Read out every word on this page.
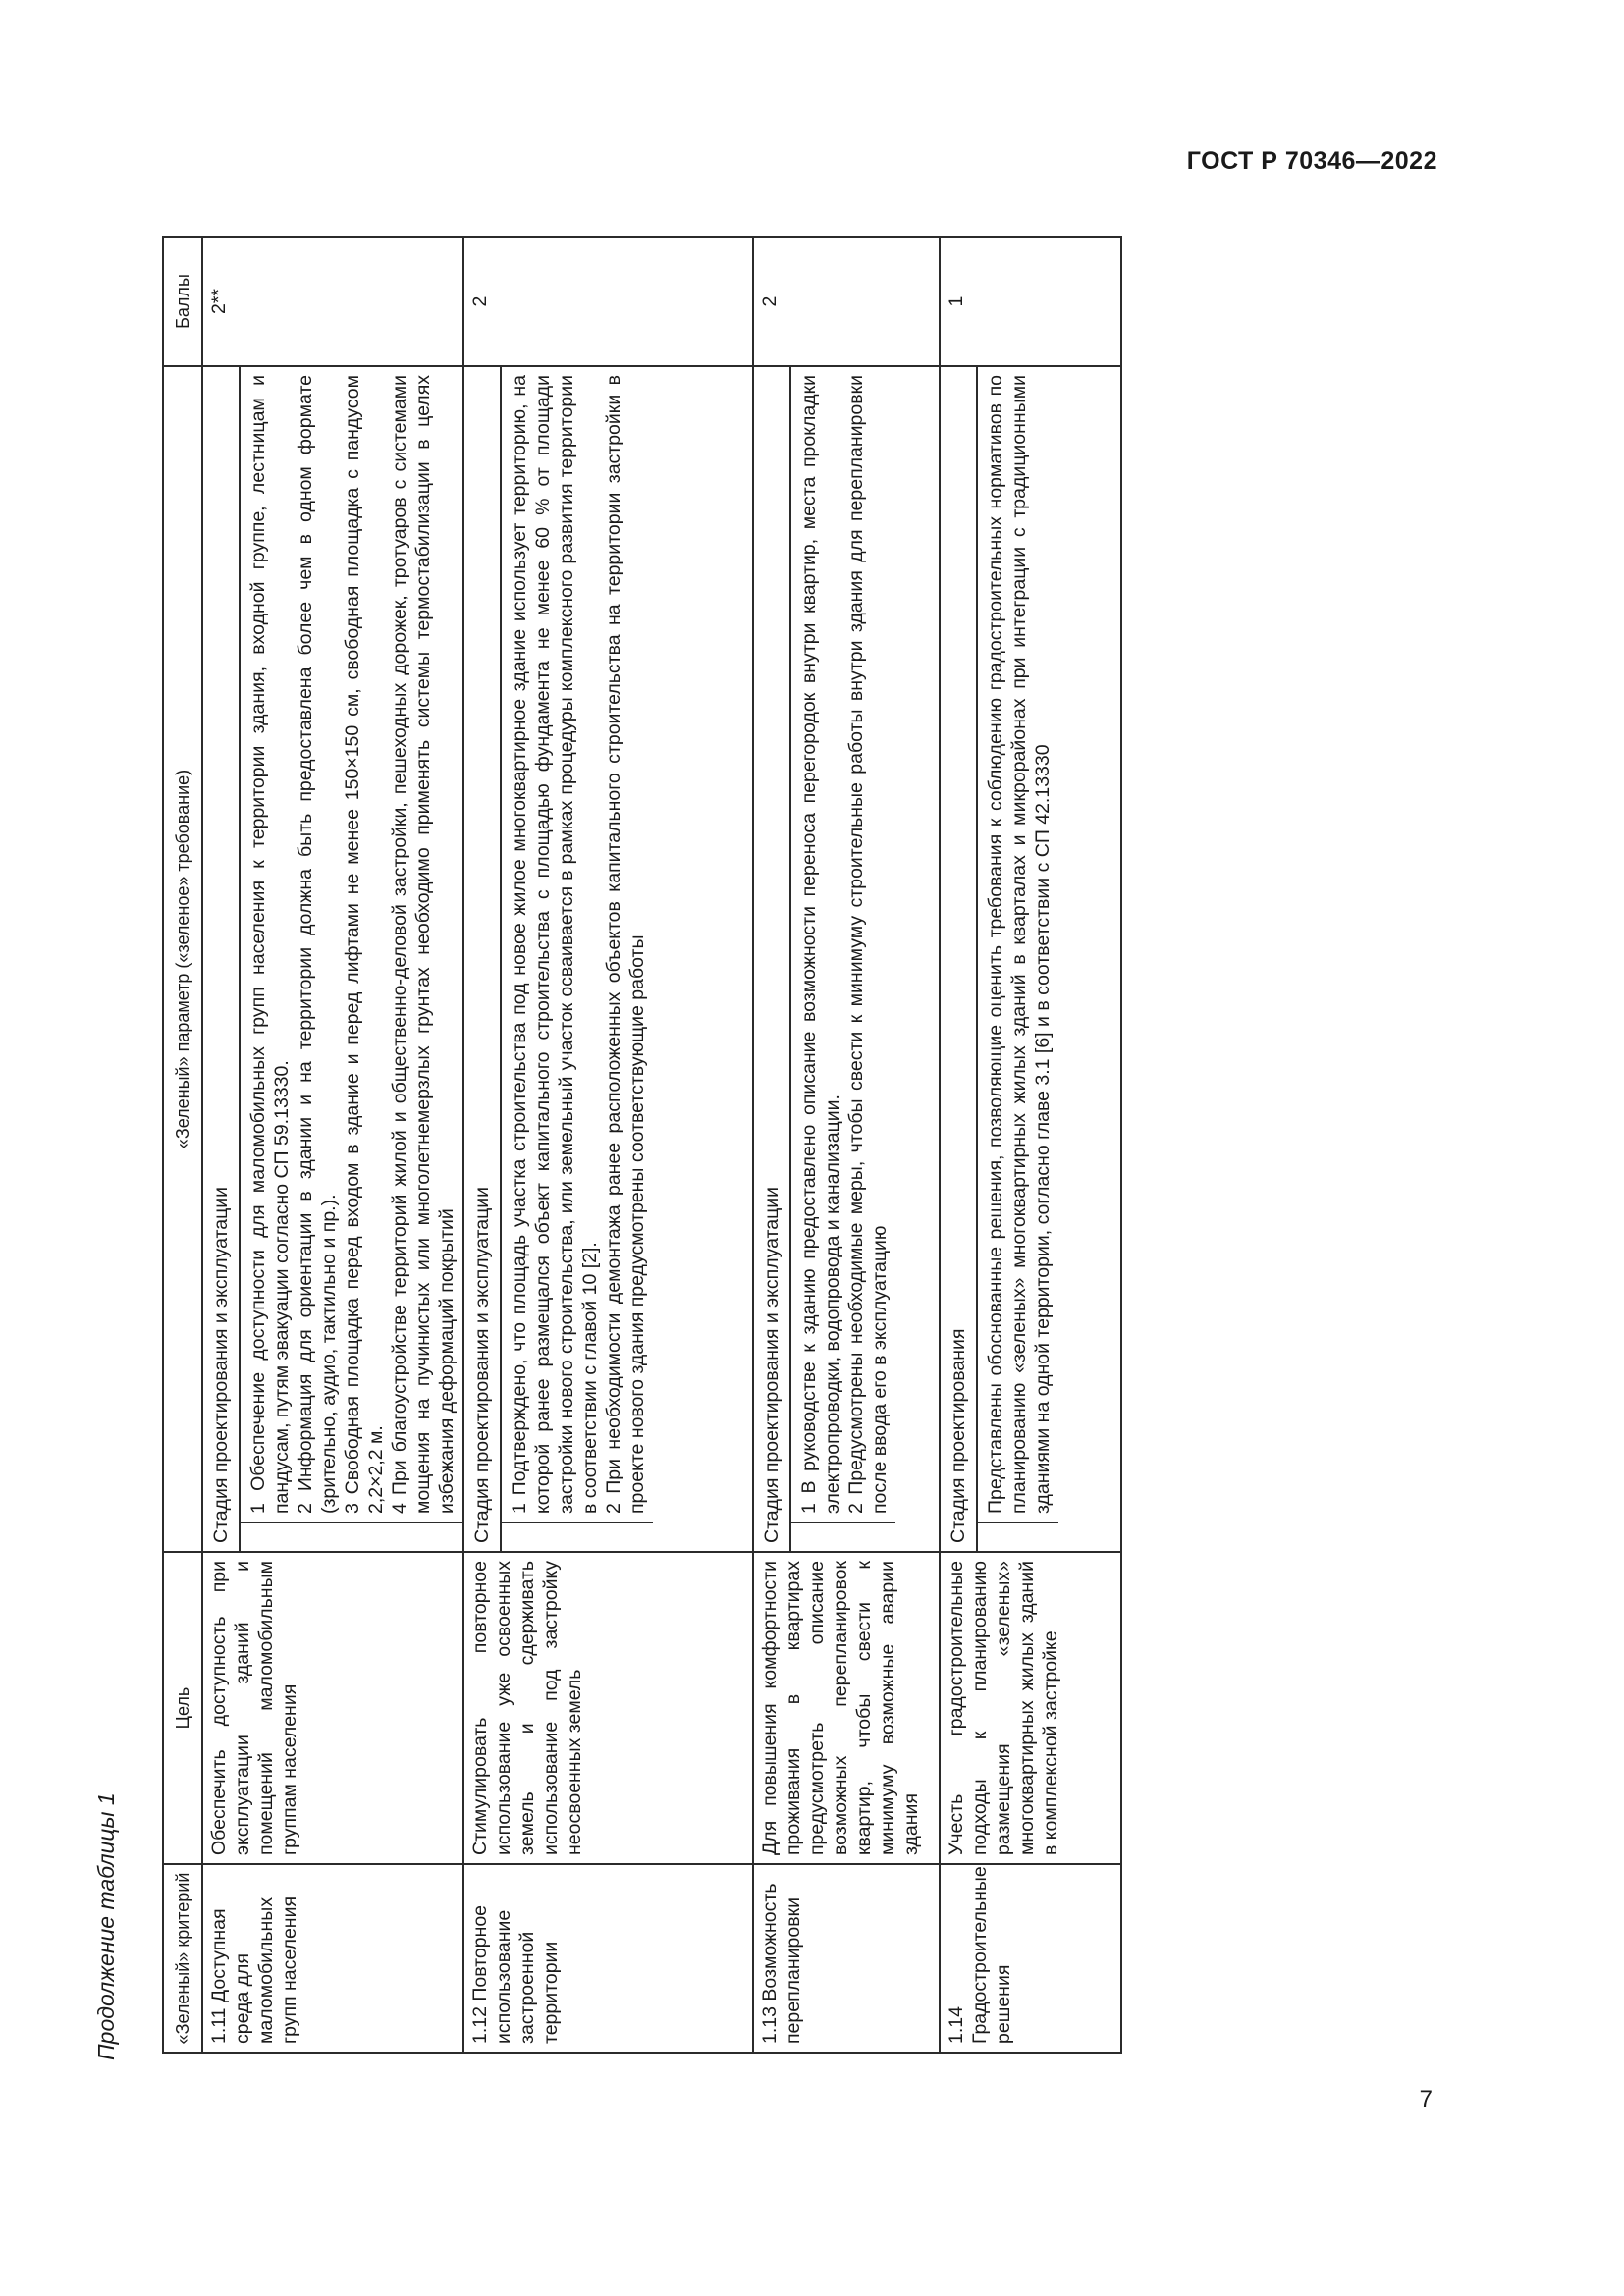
ГОСТ Р 70346—2022
Продолжение таблицы 1	«Зеленый» критерий	Цель	«Зеленый» параметр («зеленое» требование)	Баллы
1.11 Доступная среда для маломобильных групп населения	Обеспечить доступность при эксплуатации зданий и помещений маломобильным группам населения	Стадия проектирования и эксплуатации 1 Обеспечение доступности для маломобильных групп населения к территории здания, входной группе, лестницам и пандусам, путям эвакуации согласно СП 59.13330. 2 Информация для ориентации в здании и на территории должна быть предоставлена более чем в одном формате (зрительно, аудио, тактильно и пр.). 3 Свободная площадка перед входом в здание и перед лифтами не менее 150×150 см, свободная площадка с пандусом 2,2×2,2 м. 4 При благоустройстве территорий жилой и общественно-деловой застройки, пешеходных дорожек, тротуаров с системами мощения на пучинистых или многолетнемерзлых грунтах необходимо применять системы термостабилизации в целях избежания деформаций покрытий	2**
1.12 Повторное использование застроенной территории	Стимулировать повторное использование уже освоенных земель и сдерживать использование под застройку неосвоенных земель	Стадия проектирования и эксплуатации 1 Подтверждено, что площадь участка строительства под новое жилое многоквартирное здание использует территорию, на которой ранее размещался объект капитального строительства с площадью фундамента не менее 60 % от площади застройки нового строительства, или земельный участок осваивается в рамках процедуры комплексного развития территории в соответствии с главой 10 [2]. 2 При необходимости демонтажа ранее расположенных объектов капитального строительства на территории застройки в проекте нового здания предусмотрены соответствующие работы	2
1.13 Возможность перепланировки	Для повышения комфортности проживания в квартирах предусмотреть описание возможных перепланировок квартир, чтобы свести к минимуму возможные аварии здания	Стадия проектирования и эксплуатации 1 В руководстве к зданию предоставлено описание возможности переноса перегородок внутри квартир, места прокладки электропроводки, водопровода и канализации. 2 Предусмотрены необходимые меры, чтобы свести к минимуму строительные работы внутри здания для перепланировки после ввода его в эксплуатацию	2
1.14 Градостроительные решения	Учесть градостроительные подходы к планированию размещения «зеленых» многоквартирных жилых зданий в комплексной застройке	Стадия проектирования Представлены обоснованные решения, позволяющие оценить требования к соблюдению градостроительных нормативов по планированию «зеленых» многоквартирных жилых зданий в кварталах и микрорайонах при интеграции с традиционными зданиями на одной территории, согласно главе 3.1 [6] и в соответствии с СП 42.13330	1
7
